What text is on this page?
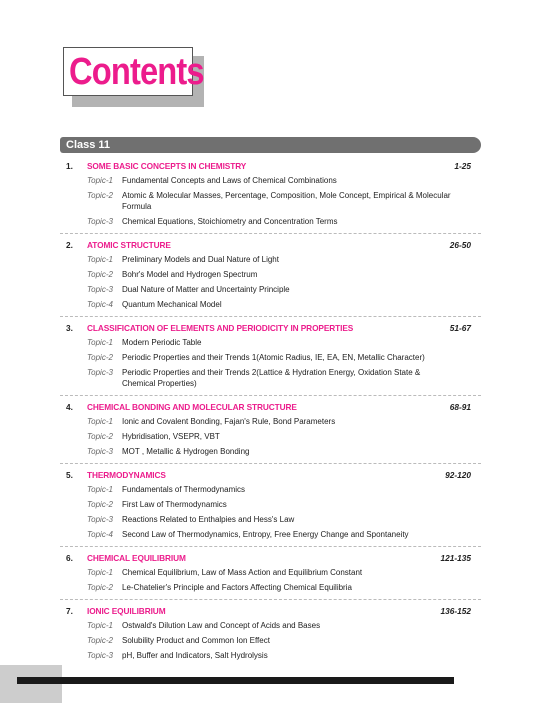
Contents
Class 11
1. SOME BASIC CONCEPTS IN CHEMISTRY	1-25
Topic-1 Fundamental Concepts and Laws of Chemical Combinations
Topic-2 Atomic & Molecular Masses, Percentage, Composition, Mole Concept, Empirical & Molecular Formula
Topic-3 Chemical Equations, Stoichiometry and Concentration Terms
2. ATOMIC STRUCTURE	26-50
Topic-1 Preliminary Models and Dual Nature of Light
Topic-2 Bohr's Model and Hydrogen Spectrum
Topic-3 Dual Nature of Matter and Uncertainty Principle
Topic-4 Quantum Mechanical Model
3. CLASSIFICATION OF ELEMENTS AND PERIODICITY IN PROPERTIES	51-67
Topic-1 Modern Periodic Table
Topic-2 Periodic Properties and their Trends 1(Atomic Radius, IE, EA, EN, Metallic Character)
Topic-3 Periodic Properties and their Trends 2(Lattice & Hydration Energy, Oxidation State & Chemical Properties)
4. CHEMICAL BONDING AND MOLECULAR STRUCTURE	68-91
Topic-1 Ionic and Covalent Bonding, Fajan's Rule, Bond Parameters
Topic-2 Hybridisation, VSEPR, VBT
Topic-3 MOT , Metallic & Hydrogen Bonding
5. THERMODYNAMICS	92-120
Topic-1 Fundamentals of Thermodynamics
Topic-2 First Law of Thermodynamics
Topic-3 Reactions Related to Enthalpies and Hess's Law
Topic-4 Second Law of Thermodynamics, Entropy, Free Energy Change and Spontaneity
6. CHEMICAL EQUILIBRIUM	121-135
Topic-1 Chemical Equilibrium, Law of Mass Action and Equilibrium Constant
Topic-2 Le-Chatelier's Principle and Factors Affecting Chemical Equilibria
7. IONIC EQUILIBRIUM	136-152
Topic-1 Ostwald's Dilution Law and Concept of Acids and Bases
Topic-2 Solubility Product and Common Ion Effect
Topic-3 pH, Buffer and Indicators, Salt Hydrolysis
